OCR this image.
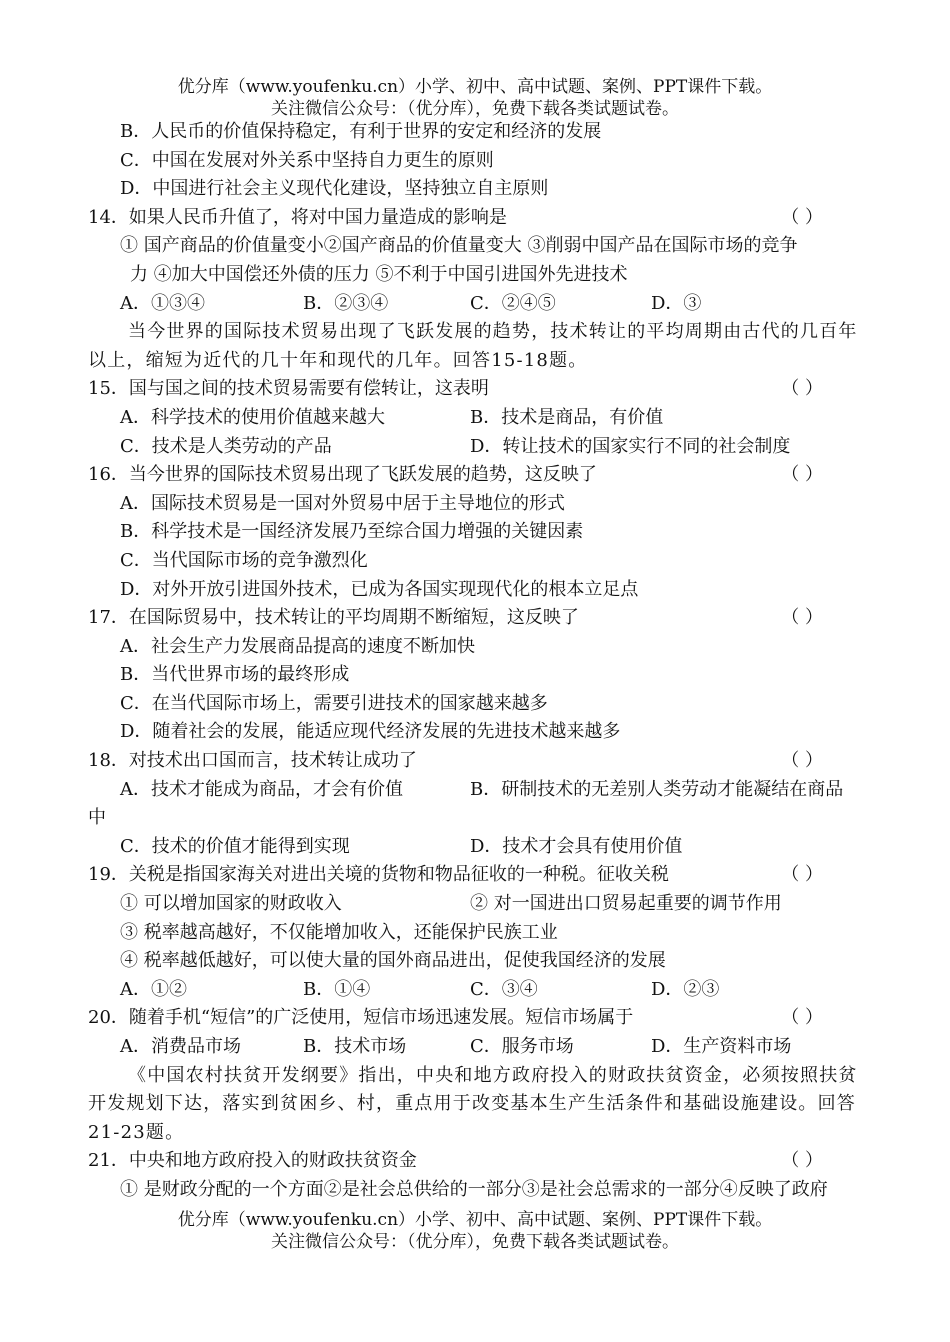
优分库（www.youfenku.cn）小学、初中、高中试题、案例、PPT课件下载。
关注微信公众号：（优分库），免费下载各类试题试卷。
B．人民币的价值保持稳定，有利于世界的安定和经济的发展
C．中国在发展对外关系中坚持自力更生的原则
D．中国进行社会主义现代化建设，坚持独立自主原则
14．如果人民币升值了，将对中国力量造成的影响是	（ ）
① 国产商品的价值量变小②国产商品的价值量变大 ③削弱中国产品在国际市场的竞争
力 ④加大中国偿还外债的压力 ⑤不利于中国引进国外先进技术
A．①③④	B．②③④	C．②④⑤	D．③
当今世界的国际技术贸易出现了飞跃发展的趋势，技术转让的平均周期由古代的几百年以上，缩短为近代的几十年和现代的几年。回答15-18题。
15．国与国之间的技术贸易需要有偿转让，这表明	（ ）
A．科学技术的使用价值越来越大	B．技术是商品，有价值
C．技术是人类劳动的产品	D．转让技术的国家实行不同的社会制度
16．当今世界的国际技术贸易出现了飞跃发展的趋势，这反映了	（ ）
A．国际技术贸易是一国对外贸易中居于主导地位的形式
B．科学技术是一国经济发展乃至综合国力增强的关键因素
C．当代国际市场的竞争激烈化
D．对外开放引进国外技术，已成为各国实现现代化的根本立足点
17．在国际贸易中，技术转让的平均周期不断缩短，这反映了	（ ）
A．社会生产力发展商品提高的速度不断加快
B．当代世界市场的最终形成
C．在当代国际市场上，需要引进技术的国家越来越多
D．随着社会的发展，能适应现代经济发展的先进技术越来越多
18．对技术出口国而言，技术转让成功了	（ ）
A．技术才能成为商品，才会有价值	B．研制技术的无差别人类劳动才能凝结在商品
中
C．技术的价值才能得到实现	D．技术才会具有使用价值
19．关税是指国家海关对进出关境的货物和物品征收的一种税。征收关税	（ ）
① 可以增加国家的财政收入	② 对一国进出口贸易起重要的调节作用
③ 税率越高越好，不仅能增加收入，还能保护民族工业
④ 税率越低越好，可以使大量的国外商品进出，促使我国经济的发展
A．①②	B．①④	C．③④	D．②③
20．随着手机“短信”的广泛使用，短信市场迅速发展。短信市场属于	（ ）
A．消费品市场	B．技术市场	C．服务市场	D．生产资料市场
《中国农村扶贫开发纲要》指出，中央和地方政府投入的财政扶贫资金，必须按照扶贫开发规划下达，落实到贫困乡、村，重点用于改变基本生产生活条件和基础设施建设。回答21-23题。
21．中央和地方政府投入的财政扶贫资金	（ ）
① 是财政分配的一个方面②是社会总供给的一部分③是社会总需求的一部分④反映了政府
优分库（www.youfenku.cn）小学、初中、高中试题、案例、PPT课件下载。
关注微信公众号：（优分库），免费下载各类试题试卷。
